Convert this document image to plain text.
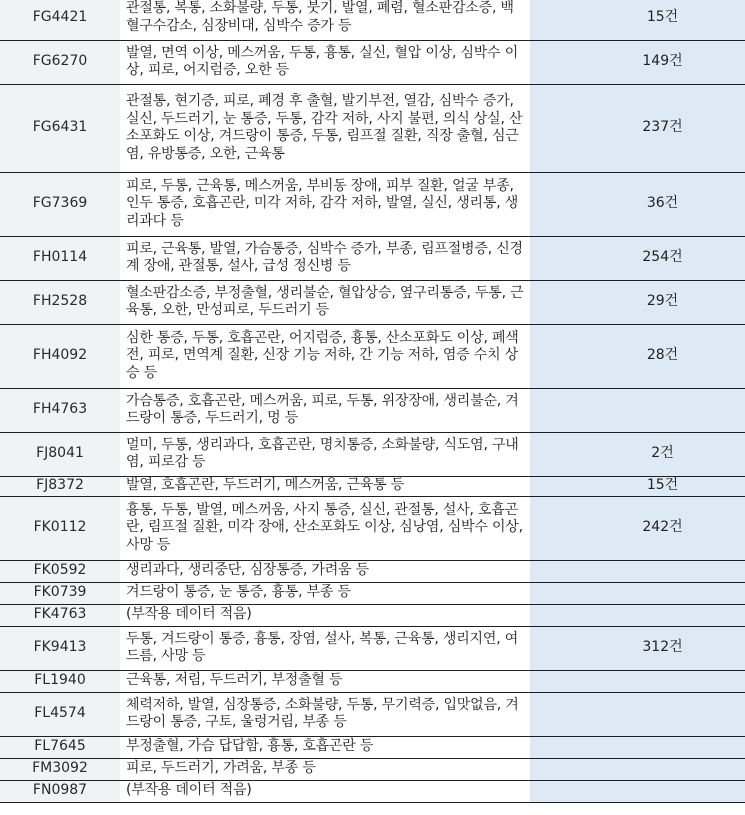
FG4421	관절통, 복통, 소화불량, 두통, 붓기, 발열, 폐렴, 혈소판감소증, 백혈구수감소, 심장비대, 심박수 증가 등	15건
FG6270	발열, 면역 이상, 메스꺼움, 두통, 흉통, 실신, 혈압 이상, 심박수 이상, 피로, 어지럼증, 오한 등	149건
FG6431	관절통, 현기증, 피로, 폐경 후 출혈, 발기부전, 열감, 심박수 증가, 실신, 두드러기, 눈 통증, 두통, 감각 저하, 사지 불편, 의식 상실, 산소포화도 이상, 겨드랑이 통증, 두통, 림프절 질환, 직장 출혈, 심근염, 유방통증, 오한, 근육통	237건
FG7369	피로, 두통, 근육통, 메스꺼움, 부비동 장애, 피부 질환, 얼굴 부종, 인두 통증, 호흡곤란, 미각 저하, 감각 저하, 발열, 실신, 생리통, 생리과다 등	36건
FH0114	피로, 근육통, 발열, 가슴통증, 심박수 증가, 부종, 림프절병증, 신경계 장애, 관절통, 설사, 급성 정신병 등	254건
FH2528	혈소판감소증, 부정출혈, 생리불순, 혈압상승, 옆구리통증, 두통, 근육통, 오한, 만성피로, 두드러기 등	29건
FH4092	심한 통증, 두통, 호흡곤란, 어지럼증, 흉통, 산소포화도 이상, 폐색전, 피로, 면역계 질환, 신장 기능 저하, 간 기능 저하, 염증 수치 상승 등	28건
FH4763	가슴통증, 호흡곤란, 메스꺼움, 피로, 두통, 위장장애, 생리불순, 겨드랑이 통증, 두드러기, 멍 등	
FJ8041	멀미, 두통, 생리과다, 호흡곤란, 명치통증, 소화불량, 식도염, 구내염, 피로감 등	2건
FJ8372	발열, 호흡곤란, 두드러기, 메스꺼움, 근육통 등	15건
FK0112	흉통, 두통, 발열, 메스꺼움, 사지 통증, 실신, 관절통, 설사, 호흡곤란, 림프절 질환, 미각 장애, 산소포화도 이상, 심낭염, 심박수 이상, 사망 등	242건
FK0592	생리과다, 생리중단, 심장통증, 가려움 등	
FK0739	겨드랑이 통증, 눈 통증, 흉통, 부종 등	
FK4763	(부작용 데이터 적음)	
FK9413	두통, 겨드랑이 통증, 흉통, 장염, 설사, 복통, 근육통, 생리지연, 여드름, 사망 등	312건
FL1940	근육통, 저림, 두드러기, 부정출혈 등	
FL4574	체력저하, 발열, 심장통증, 소화불량, 두통, 무기력증, 입맛없음, 겨드랑이 통증, 구토, 울렁거림, 부종 등	
FL7645	부정출혈, 가슴 답답함, 흉통, 호흡곤란 등	
FM3092	피로, 두드러기, 가려움, 부종 등	
FN0987	(부작용 데이터 적음)	
